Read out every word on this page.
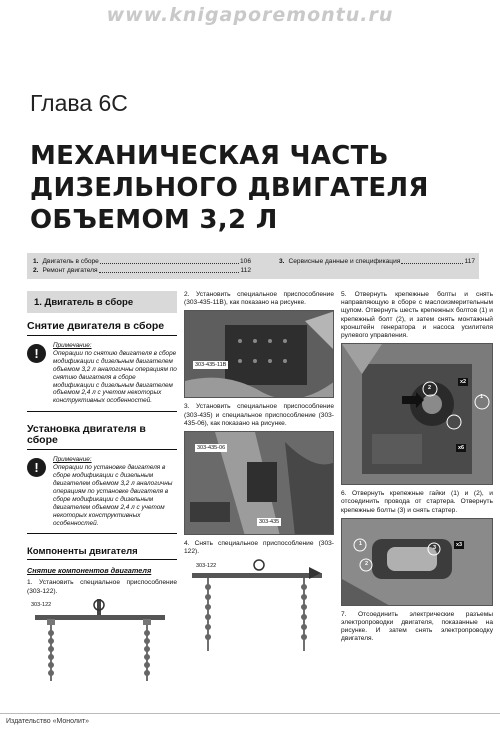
www.knigaporemontu.ru
Глава 6С
МЕХАНИЧЕСКАЯ ЧАСТЬ
ДИЗЕЛЬНОГО ДВИГАТЕЛЯ
ОБЪЕМОМ 3,2 Л
1. Двигатель в сборе	106
2. Ремонт двигателя	112
3. Сервисные данные и спецификация	117
1. Двигатель в сборе
Снятие двигателя в сборе
!
Примечание:
Операции по снятию двигателя в сборе модификации с дизельным двигателем объемом 3,2 л аналогичны операциям по снятию двигателя в сборе модификации с дизельным двигателем объемом 2,4 л с учетом некоторых конструктивных особенностей.
Установка двигателя в сборе
!
Примечание:
Операции по установке двигателя в сборе модификации с дизельным двигателем объемом 3,2 л аналогичны операциям по установке двигателя в сборе модификации с дизельным двигателем объемом 2,4 л с учетом некоторых конструктивных особенностей.
Компоненты двигателя
Снятие компонентов двигателя
1. Установить специальное приспособление (303-122).
303-122
2. Установить специальное приспособление (303-435-11B), как показано на рисунке.
303-435-11B
3. Установить специальное приспособление (303-435) и специальное приспособление (303-435-06), как показано на рисунке.
303-435-06
303-435
4. Снять специальное приспособление (303-122).
303-122
5. Отвернуть крепежные болты и снять направляющую в сборе с маслоизмерительным щупом. Отвернуть шесть крепежных болтов (1) и крепежный болт (2), и затем снять монтажный кронштейн генератора и насоса усилителя рулевого управления.
1
2
x2
x6
6. Отвернуть крепежные гайки (1) и (2), и отсоединить провода от стартера. Отвернуть крепежные болты (3) и снять стартер.
1
2
3	x3
7. Отсоединить электрические разъемы электропроводки двигателя, показанные на рисунке. И затем снять электропроводку двигателя.
Издательство «Монолит»
